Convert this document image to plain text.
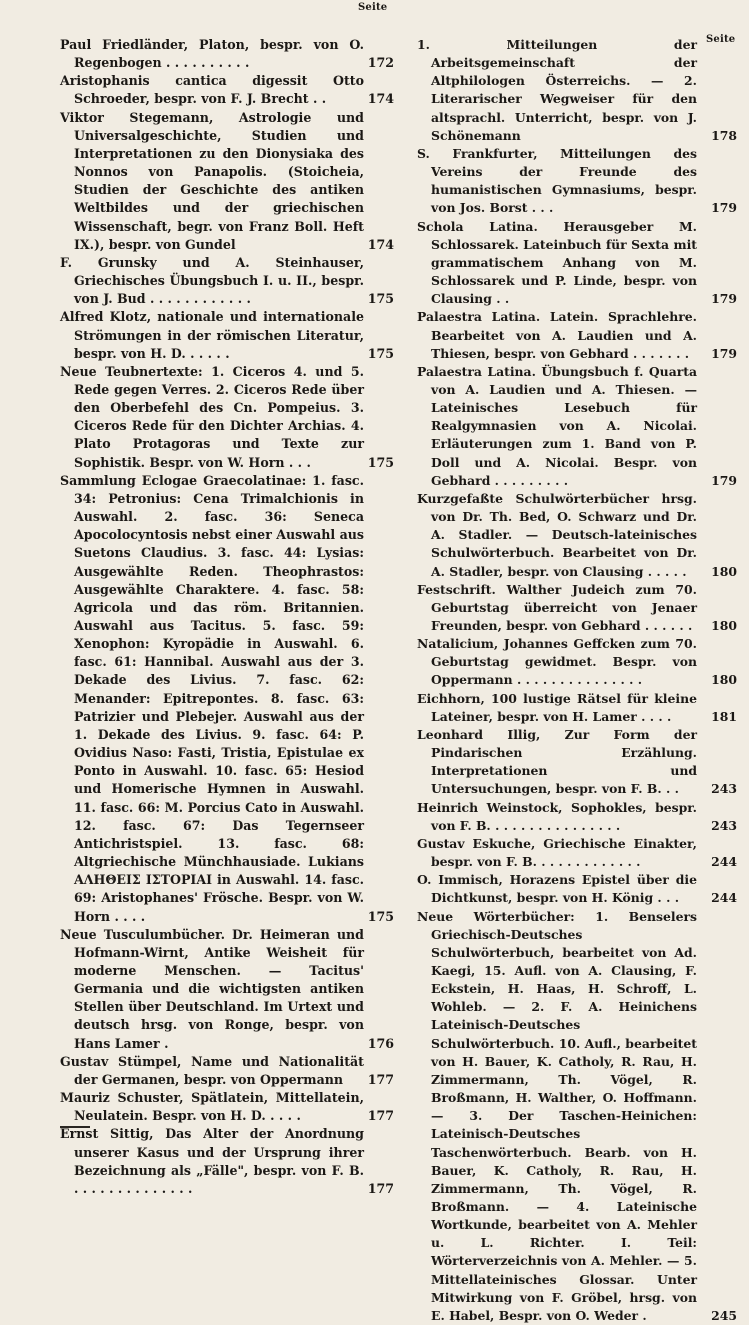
Seite
Seite
Paul Friedländer, Platon, bespr. von O. Regenbogen . . . . . . . . . .	172
Aristophanis cantica digessit Otto Schroeder, bespr. von F. J. Brecht . .	174
Viktor Stegemann, Astrologie und Universalgeschichte, Studien und Interpretationen zu den Dionysiaka des Nonnos von Panapolis. (Stoicheia, Studien der Geschichte des antiken Weltbildes und der griechischen Wissenschaft, begr. von Franz Boll. Heft IX.), bespr. von Gundel	174
F. Grunsky und A. Steinhauser, Griechisches Übungsbuch I. u. II., bespr. von J. Bud . . . . . . . . . . . .	175
Alfred Klotz, nationale und internationale Strömungen in der römischen Literatur, bespr. von H. D. . . . . .	175
Neue Teubnertexte: 1. Ciceros 4. und 5. Rede gegen Verres. 2. Ciceros Rede über den Oberbefehl des Cn. Pompeius. 3. Ciceros Rede für den Dichter Archias. 4. Plato Protagoras und Texte zur Sophistik. Bespr. von W. Horn . . .	175
Sammlung Eclogae Graecolatinae: 1. fasc. 34: Petronius: Cena Trimalchionis in Auswahl. 2. fasc. 36: Seneca Apocolocyntosis nebst einer Auswahl aus Suetons Claudius. 3. fasc. 44: Lysias: Ausgewählte Reden. Theophrastos: Ausgewählte Charaktere. 4. fasc. 58: Agricola und das röm. Britannien. Auswahl aus Tacitus. 5. fasc. 59: Xenophon: Kyropädie in Auswahl. 6. fasc. 61: Hannibal. Auswahl aus der 3. Dekade des Livius. 7. fasc. 62: Menander: Epitrepontes. 8. fasc. 63: Patrizier und Plebejer. Auswahl aus der 1. Dekade des Livius. 9. fasc. 64: P. Ovidius Naso: Fasti, Tristia, Epistulae ex Ponto in Auswahl. 10. fasc. 65: Hesiod und Homerische Hymnen in Auswahl. 11. fasc. 66: M. Porcius Cato in Auswahl. 12. fasc. 67: Das Tegernseer Antichristspiel. 13. fasc. 68: Altgriechische Münchhausiade. Lukians ΑΛΗΘΕΙΣ ΙΣΤΟΡΙΑΙ in Auswahl. 14. fasc. 69: Aristophanes' Frösche. Bespr. von W. Horn . . . .	175
Neue Tusculumbücher. Dr. Heimeran und Hofmann-Wirnt, Antike Weisheit für moderne Menschen. — Tacitus' Germania und die wichtigsten antiken Stellen über Deutschland. Im Urtext und deutsch hrsg. von Ronge, bespr. von Hans Lamer .	176
Gustav Stümpel, Name und Nationalität der Germanen, bespr. von Oppermann 177
Mauriz Schuster, Spätlatein, Mittellatein, Neulatein. Bespr. von H. D. . . . .	177
Ernst Sittig, Das Alter der Anordnung unserer Kasus und der Ursprung ihrer Bezeichnung als „Fälle", bespr. von F. B. . . . . . . . . . . . . . .	177
1. Mitteilungen der Arbeitsgemeinschaft der Altphilologen Österreichs. — 2. Literarischer Wegweiser für den altsprachl. Unterricht, bespr. von J. Schönemann	178
S. Frankfurter, Mitteilungen des Vereins der Freunde des humanistischen Gymnasiums, bespr. von Jos. Borst . . .	179
Schola Latina. Herausgeber M. Schlossarek. Lateinbuch für Sexta mit grammatischem Anhang von M. Schlossarek und P. Linde, bespr. von Clausing . .	179
Palaestra Latina. Latein. Sprachlehre. Bearbeitet von A. Laudien und A. Thiesen, bespr. von Gebhard . . . . . . . 179
Palaestra Latina. Übungsbuch f. Quarta von A. Laudien und A. Thiesen. — Lateinisches Lesebuch für Realgymnasien von A. Nicolai. Erläuterungen zum 1. Band von P. Doll und A. Nicolai. Bespr. von Gebhard . . . . . . . . .	179
Kurzgefaßte Schulwörterbücher hrsg. von Dr. Th. Bed, O. Schwarz und Dr. A. Stadler. — Deutsch-lateinisches Schulwörterbuch. Bearbeitet von Dr. A. Stadler, bespr. von Clausing . . . . . 180
Festschrift. Walther Judeich zum 70. Geburtstag überreicht von Jenaer Freunden, bespr. von Gebhard . . . . . . 180
Natalicium, Johannes Geffcken zum 70. Geburtstag gewidmet. Bespr. von Oppermann . . . . . . . . . . . . . . .	180
Eichhorn, 100 lustige Rätsel für kleine Lateiner, bespr. von H. Lamer . . . .	181
Leonhard Illig, Zur Form der Pindarischen Erzählung. Interpretationen und Untersuchungen, bespr. von F. B. . .	243
Heinrich Weinstock, Sophokles, bespr. von F. B. . . . . . . . . . . . . . . .	243
Gustav Eskuche, Griechische Einakter, bespr. von F. B. . . . . . . . . . . . .	244
O. Immisch, Horazens Epistel über die Dichtkunst, bespr. von H. König . . .	244
Neue Wörterbücher: 1. Benselers Griechisch-Deutsches Schulwörterbuch, bearbeitet von Ad. Kaegi, 15. Aufl. von A. Clausing, F. Eckstein, H. Haas, H. Schroff, L. Wohleb. — 2. F. A. Heinichens Lateinisch-Deutsches Schulwörterbuch. 10. Aufl., bearbeitet von H. Bauer, K. Catholy, R. Rau, H. Zimmermann, Th. Vögel, R. Broßmann, H. Walther, O. Hoffmann. — 3. Der Taschen-Heinichen: Lateinisch-Deutsches Taschenwörterbuch. Bearb. von H. Bauer, K. Catholy, R. Rau, H. Zimmermann, Th. Vögel, R. Broßmann. — 4. Lateinische Wortkunde, bearbeitet von A. Mehler u. L. Richter. I. Teil: Wörterverzeichnis von A. Mehler. — 5. Mittellateinisches Glossar. Unter Mitwirkung von F. Gröbel, hrsg. von E. Habel, Bespr. von O. Weder .	245
